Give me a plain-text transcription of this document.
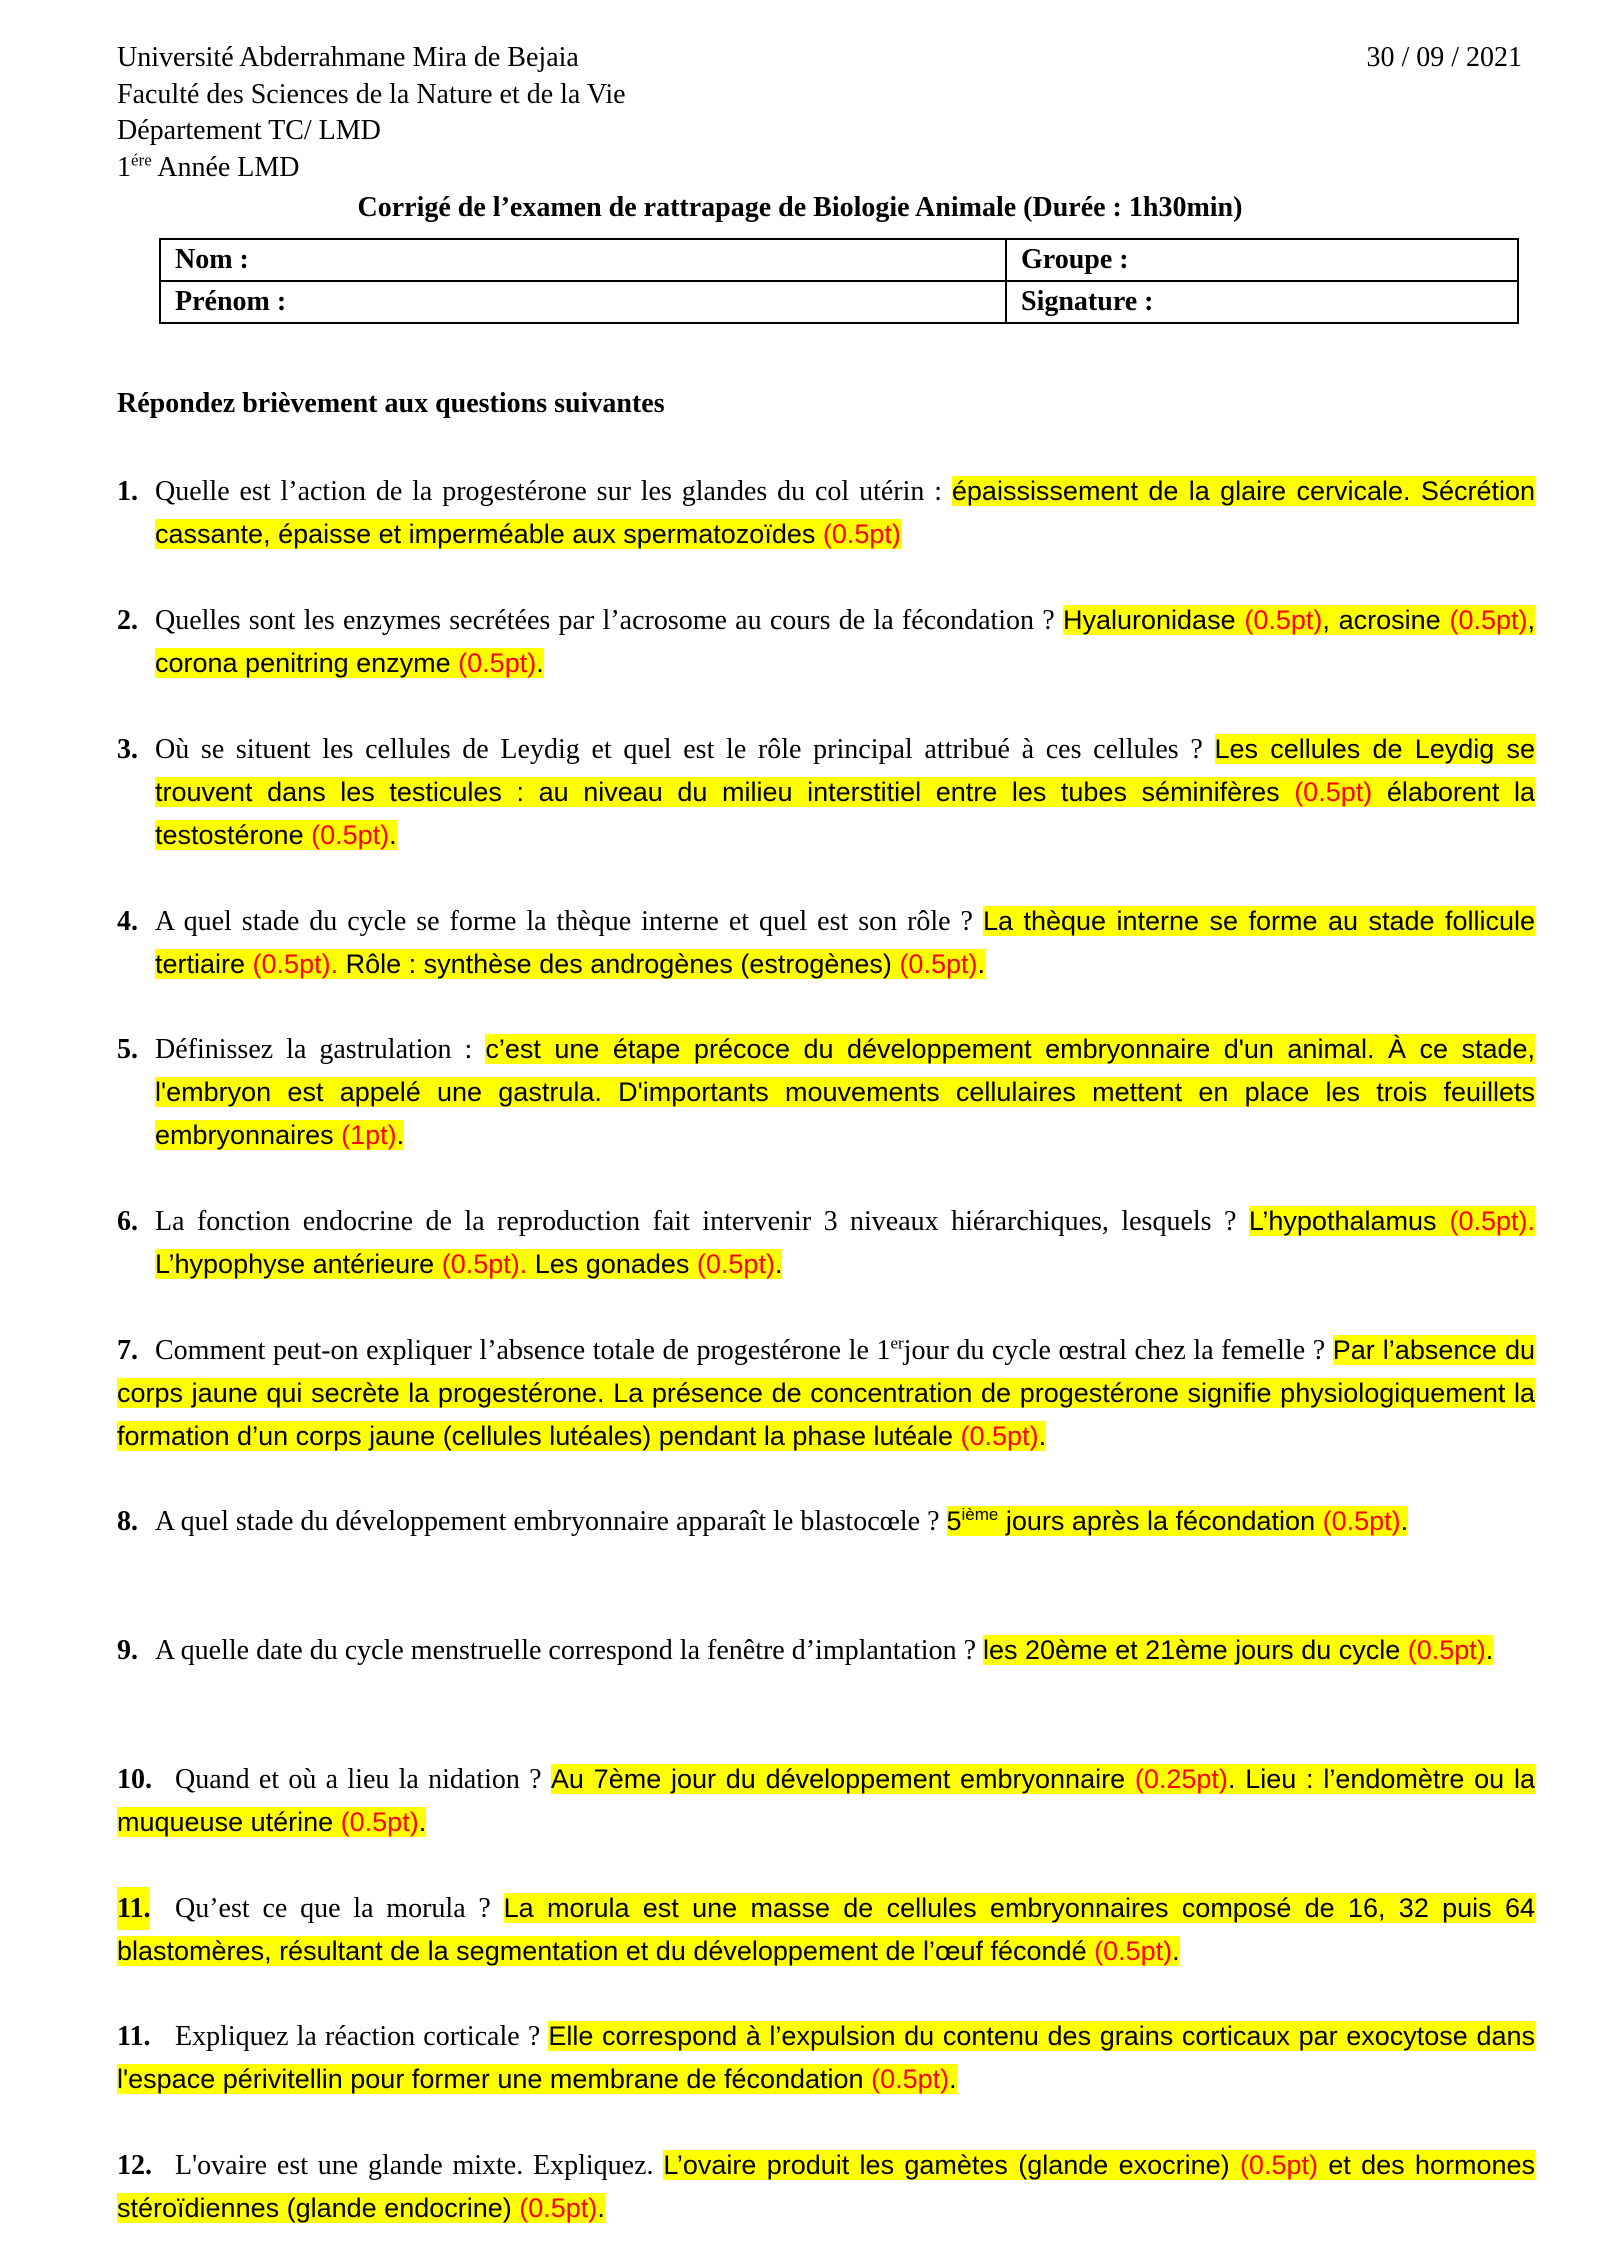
Université Abderrahmane Mira de Bejaia
Faculté des Sciences de la Nature et de la Vie
Département TC/ LMD
$1^{ére}$ Année LMD
30 / 09 / 2021
Corrigé de l’examen de rattrapage de Biologie Animale (Durée : 1h30min)
Nom :	Groupe :
Prénom :	Signature :
Répondez brièvement aux questions suivantes
1. Quelle est l’action de la progestérone sur les glandes du col utérin : épaississement de la glaire cervicale. Sécrétion cassante, épaisse et imperméable aux spermatozoïdes (0.5pt)
2. Quelles sont les enzymes secrétées par l’acrosome au cours de la fécondation ? Hyaluronidase (0.5pt), acrosine (0.5pt), corona penitring enzyme (0.5pt).
3. Où se situent les cellules de Leydig et quel est le rôle principal attribué à ces cellules ? Les cellules de Leydig se trouvent dans les testicules : au niveau du milieu interstitiel entre les tubes séminifères (0.5pt) élaborent la testostérone (0.5pt).
4. A quel stade du cycle se forme la thèque interne et quel est son rôle ? La thèque interne se forme au stade follicule tertiaire (0.5pt). Rôle : synthèse des androgènes (estrogènes) (0.5pt).
5. Définissez la gastrulation : c’est une étape précoce du développement embryonnaire d'un animal. À ce stade, l'embryon est appelé une gastrula. D'importants mouvements cellulaires mettent en place les trois feuillets embryonnaires (1pt).
6. La fonction endocrine de la reproduction fait intervenir 3 niveaux hiérarchiques, lesquels ? L’hypothalamus (0.5pt). L’hypophyse antérieure (0.5pt). Les gonades (0.5pt).
7. Comment peut-on expliquer l’absence totale de progestérone le 1erjour du cycle œstral chez la femelle ? Par l’absence du corps jaune qui secrète la progestérone. La présence de concentration de progestérone signifie physiologiquement la formation d’un corps jaune (cellules lutéales) pendant la phase lutéale (0.5pt).
8. A quel stade du développement embryonnaire apparaît le blastocœle ? 5ième jours après la fécondation (0.5pt).
9. A quelle date du cycle menstruelle correspond la fenêtre d’implantation ? les 20ème et 21ème jours du cycle (0.5pt).
10. Quand et où a lieu la nidation ? Au 7ème jour du développement embryonnaire (0.25pt). Lieu : l’endomètre ou la muqueuse utérine (0.5pt).
11. Qu’est ce que la morula ? La morula est une masse de cellules embryonnaires composé de 16, 32 puis 64 blastomères, résultant de la segmentation et du développement de l’œuf fécondé (0.5pt).
11. Expliquez la réaction corticale ? Elle correspond à l’expulsion du contenu des grains corticaux par exocytose dans l'espace périvitellin pour former une membrane de fécondation (0.5pt).
12. L'ovaire est une glande mixte. Expliquez. L’ovaire produit les gamètes (glande exocrine) (0.5pt) et des hormones stéroïdiennes (glande endocrine) (0.5pt).
